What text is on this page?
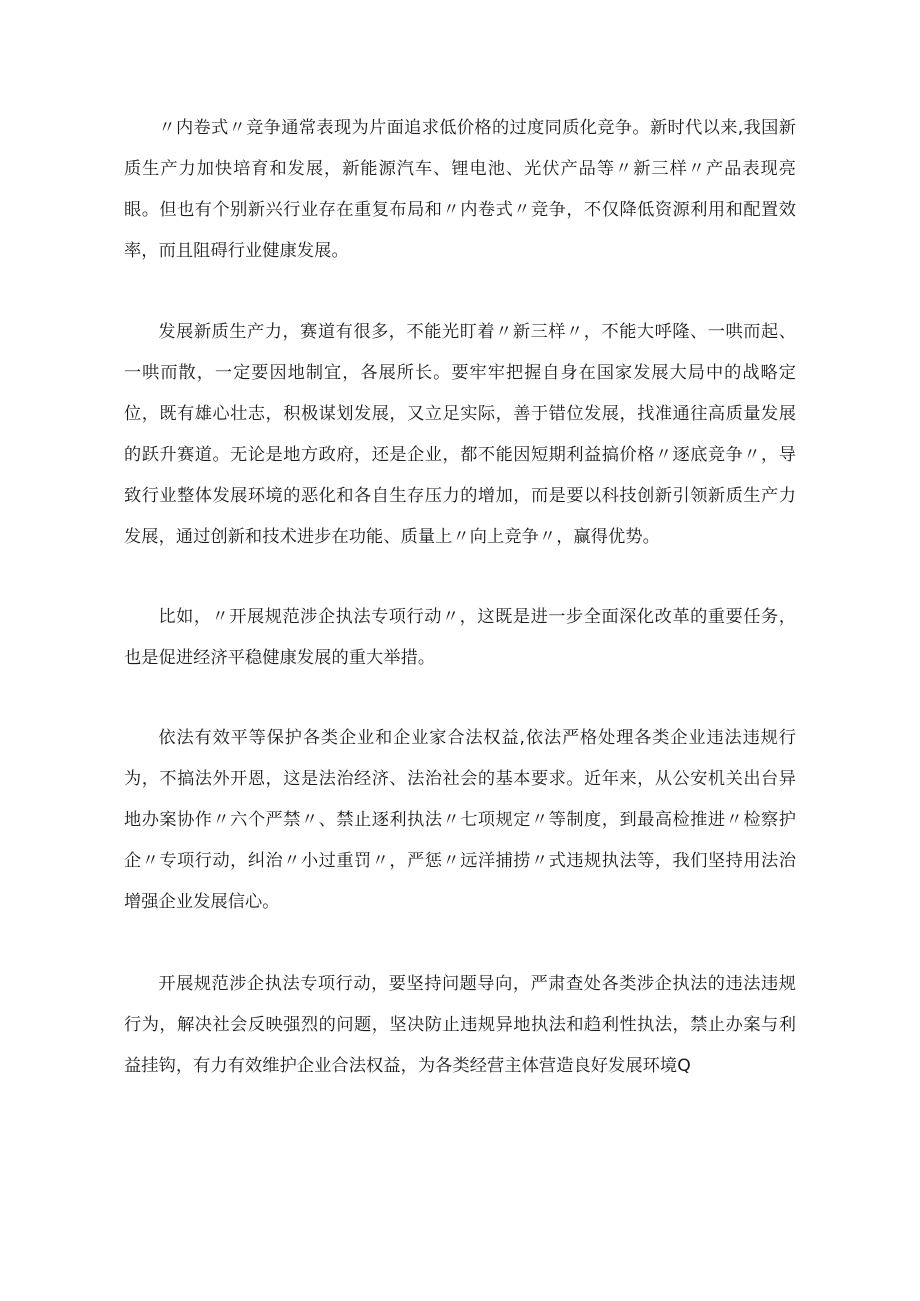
〃内卷式〃竞争通常表现为片面追求低价格的过度同质化竞争。新时代以来,我国新质生产力加快培育和发展，新能源汽车、锂电池、光伏产品等〃新三样〃产品表现亮眼。但也有个别新兴行业存在重复布局和〃内卷式〃竞争，不仅降低资源利用和配置效率，而且阻碍行业健康发展。

发展新质生产力，赛道有很多，不能光盯着〃新三样〃，不能大呼隆、一哄而起、一哄而散，一定要因地制宜，各展所长。要牢牢把握自身在国家发展大局中的战略定位，既有雄心壮志，积极谋划发展，又立足实际，善于错位发展，找准通往高质量发展的跃升赛道。无论是地方政府，还是企业，都不能因短期利益搞价格〃逐底竞争〃，导致行业整体发展环境的恶化和各自生存压力的增加，而是要以科技创新引领新质生产力发展，通过创新和技术进步在功能、质量上〃向上竞争〃，赢得优势。

比如，〃开展规范涉企执法专项行动〃，这既是进一步全面深化改革的重要任务，也是促进经济平稳健康发展的重大举措。

依法有效平等保护各类企业和企业家合法权益,依法严格处理各类企业违法违规行为，不搞法外开恩，这是法治经济、法治社会的基本要求。近年来，从公安机关出台异地办案协作〃六个严禁〃、禁止逐利执法〃七项规定〃等制度，到最高检推进〃检察护企〃专项行动，纠治〃小过重罚〃，严惩〃远洋捕捞〃式违规执法等，我们坚持用法治增强企业发展信心。

开展规范涉企执法专项行动，要坚持问题导向，严肃查处各类涉企执法的违法违规行为，解决社会反映强烈的问题，坚决防止违规异地执法和趋利性执法，禁止办案与利益挂钩，有力有效维护企业合法权益，为各类经营主体营造良好发展环境Q
